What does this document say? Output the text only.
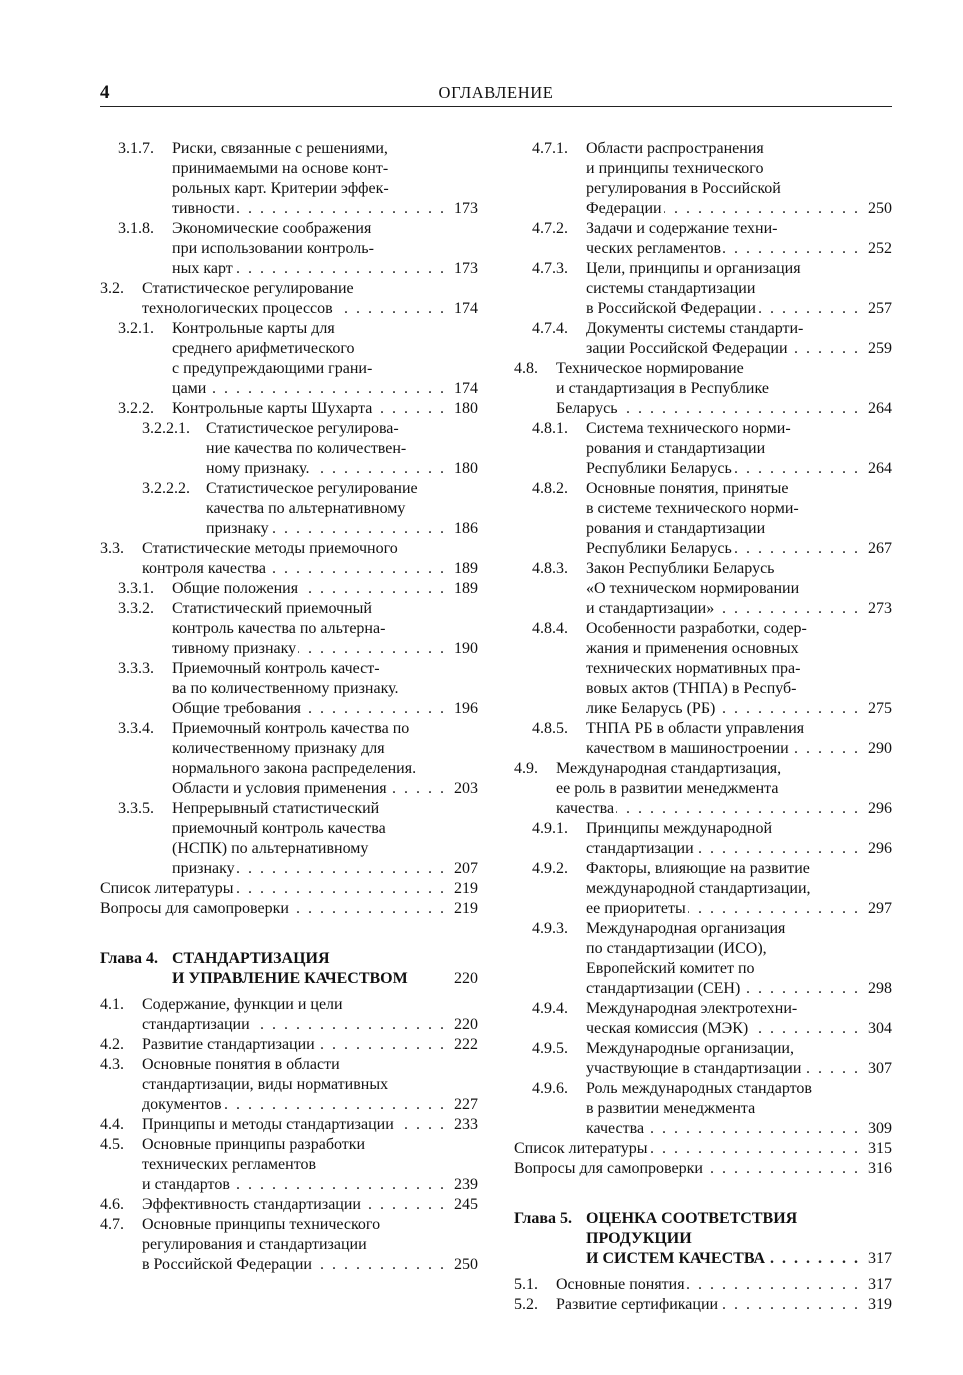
4	ОГЛАВЛЕНИЕ
3.1.7.	Риски, связанные с решениями,
принимаемыми на основе конт-
рольных карт. Критерии эффек-
тивности . . .	173
3.1.8.	Экономические соображения
при использовании контроль-
ных карт . . .	173
3.2.	Статистическое регулирование
технологических процессов . . .	174
3.2.1.	Контрольные карты для
среднего арифметического
с предупреждающими грани-
цами . . .	174
3.2.2. Контрольные карты Шухарта . . .	180
3.2.2.1.	Статистическое регулирова-
ние качества по количествен-
ному признаку. . . .	180
3.2.2.2.	Статистическое регулирование
качества по альтернативному
признаку . . .	186
3.3.	Статистические методы приемочного
контроля качества . . .	189
3.3.1. Общие положения . . .	189
3.3.2.	Статистический приемочный
контроль качества по альтерна-
тивному признаку . . .	190
3.3.3.	Приемочный контроль качест-
ва по количественному признаку.
Общие требования . . .	196
3.3.4.	Приемочный контроль качества по
количественному признаку для
нормального закона распределения.
Области и условия применения . . .	203
3.3.5.	Непрерывный статистический
приемочный контроль качества
(НСПК) по альтернативному
признаку . . .	207
Список литературы . . .	219
Вопросы для самопроверки . . .	219
Глава 4. СТАНДАРТИЗАЦИЯ
И УПРАВЛЕНИЕ КАЧЕСТВОМ	220
4.1.	Содержание, функции и цели
стандартизации . . .	220
4.2. Развитие стандартизации . . .	222
4.3.	Основные понятия в области
стандартизации, виды нормативных
документов . . .	227
4.4. Принципы и методы стандартизации . . .	233
4.5.	Основные принципы разработки
технических регламентов
и стандартов . . .	239
4.6. Эффективность стандартизации . . .	245
4.7.	Основные принципы технического
регулирования и стандартизации
в Российской Федерации . . .	250
4.7.1.	Области распространения
и принципы технического
регулирования в Российской
Федерации . . .	250
4.7.2.	Задачи и содержание техни-
ческих регламентов . . .	252
4.7.3.	Цели, принципы и организация
системы стандартизации
в Российской Федерации . . .	257
4.7.4.	Документы системы стандарти-
зации Российской Федерации . . .	259
4.8.	Техническое нормирование
и стандартизация в Республике
Беларусь . . .	264
4.8.1.	Система технического норми-
рования и стандартизации
Республики Беларусь . . .	264
4.8.2.	Основные понятия, принятые
в системе технического норми-
рования и стандартизации
Республики Беларусь . . .	267
4.8.3.	Закон Республики Беларусь
«О техническом нормировании
и стандартизации» . . .	273
4.8.4.	Особенности разработки, содер-
жания и применения основных
технических нормативных пра-
вовых актов (ТНПА) в Респуб-
лике Беларусь (РБ) . . .	275
4.8.5.	ТНПА РБ в области управления
качеством в машиностроении . . .	290
4.9.	Международная стандартизация,
ее роль в развитии менеджмента
качества . . .	296
4.9.1.	Принципы международной
стандартизации . . .	296
4.9.2.	Факторы, влияющие на развитие
международной стандартизации,
ее приоритеты . . .	297
4.9.3.	Международная организация
по стандартизации (ИСО),
Европейский комитет по
стандартизации (СЕН) . . .	298
4.9.4.	Международная электротехни-
ческая комиссия (МЭК) . . .	304
4.9.5.	Международные организации,
участвующие в стандартизации . . .	307
4.9.6.	Роль международных стандартов
в развитии менеджмента
качества . . .	309
Список литературы . . .	315
Вопросы для самопроверки . . .	316
Глава 5. ОЦЕНКА СООТВЕТСТВИЯ
ПРОДУКЦИИ
И СИСТЕМ КАЧЕСТВА . . .	317
5.1. Основные понятия . . .	317
5.2. Развитие сертификации . . .	319
